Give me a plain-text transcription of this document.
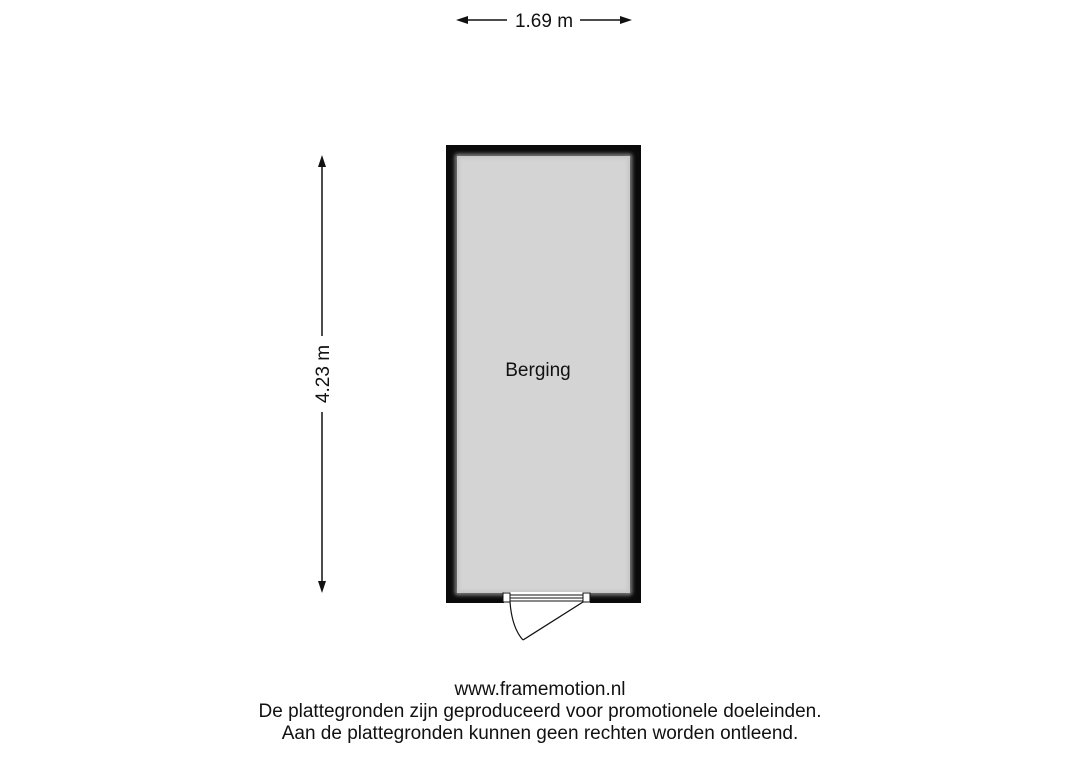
1.69 m
4.23 m	Berging
www.framemotion.nl
De plattegronden zijn geproduceerd voor promotionele doeleinden.
Aan de plattegronden kunnen geen rechten worden ontleend.
